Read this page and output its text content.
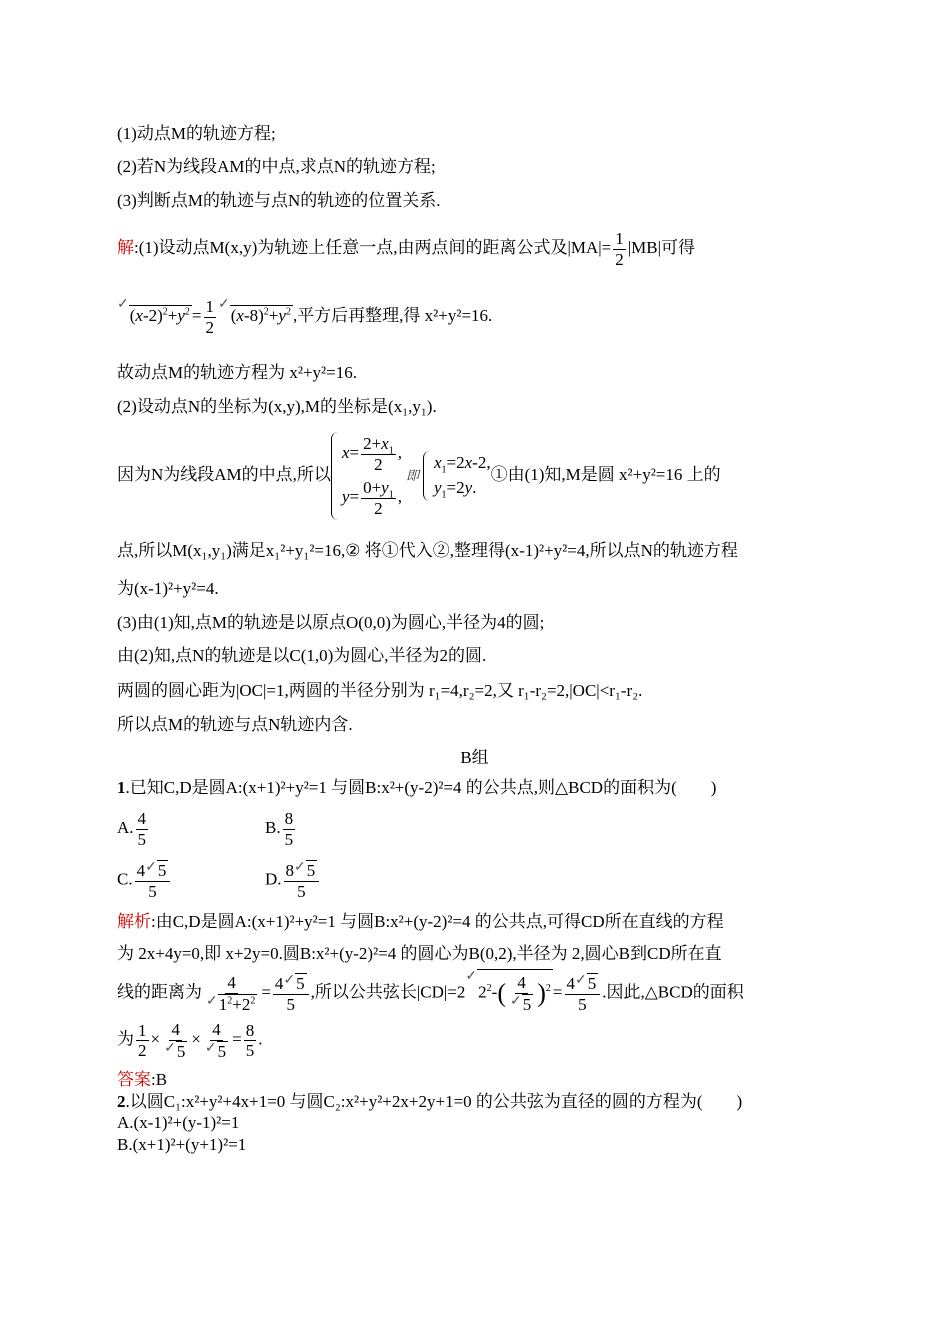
(1)动点M的轨迹方程;
(2)若N为线段AM的中点,求点N的轨迹方程;
(3)判断点M的轨迹与点N的轨迹的位置关系.
解:(1)设动点M(x,y)为轨迹上任意一点,由两点间的距离公式及$|MA|= \frac{1}{2} |MB|$可得
$✓(x-2)^2+y^2 = \frac{1}{2}$ $✓(x-8)^2+y^2$ ,平方后再整理,得 x²+y²=16.
故动点M的轨迹方程为 x²+y²=16.
(2)设动点N的坐标为(x,y),M的坐标是(x₁,y₁).
因为N为线段AM的中点,所以
$x= \frac{2+x_1}{2}$ ,
$y= \frac{0+y_1}{2}$ ,
即
$x_1=2x-2$,
$y_1=2y$.
①由(1)知,M是圆 x²+y²=16 上的
点,所以M(x₁,y₁)满足x₁²+y₁²=16,② 将①代入②,整理得(x-1)²+y²=4,所以点N的轨迹方程
为(x-1)²+y²=4.
(3)由(1)知,点M的轨迹是以原点O(0,0)为圆心,半径为4的圆;
由(2)知,点N的轨迹是以C(1,0)为圆心,半径为2的圆.
两圆的圆心距为|OC|=1,两圆的半径分别为 r₁=4,r₂=2,又 r₁-r₂=2,|OC|<r₁-r₂.
所以点M的轨迹与点N轨迹内含.
B组
1.已知C,D是圆A:(x+1)²+y²=1 与圆B:x²+(y-2)²=4 的公共点,则△BCD的面积为(　　)
A. $\frac{4}{5}$	B. $\frac{8}{5}$
C. $\frac{4✓5}{5}$	D. $\frac{8✓5}{5}$
解析:由C,D是圆A:(x+1)²+y²=1 与圆B:x²+(y-2)²=4 的公共点,可得CD所在直线的方程
为 2x+4y=0,即 x+2y=0.圆B:x²+(y-2)²=4 的圆心为B(0,2),半径为 2,圆心B到CD所在直
线的距离为 $\frac{4}{✓1^2+2^2} = \frac{4✓5}{5}$ ,所以公共弦长$|CD|=2✓2^2-( \frac{4}{✓5} )^2 = \frac{4✓5}{5}$ .因此,△BCD的面积
为 $\frac{1}{2} \times \frac{4}{✓5} \times \frac{4}{✓5} = \frac{8}{5}$ .
答案:B
2.以圆C₁:x²+y²+4x+1=0 与圆C₂:x²+y²+2x+2y+1=0 的公共弦为直径的圆的方程为(　　)
A.(x-1)²+(y-1)²=1
B.(x+1)²+(y+1)²=1
